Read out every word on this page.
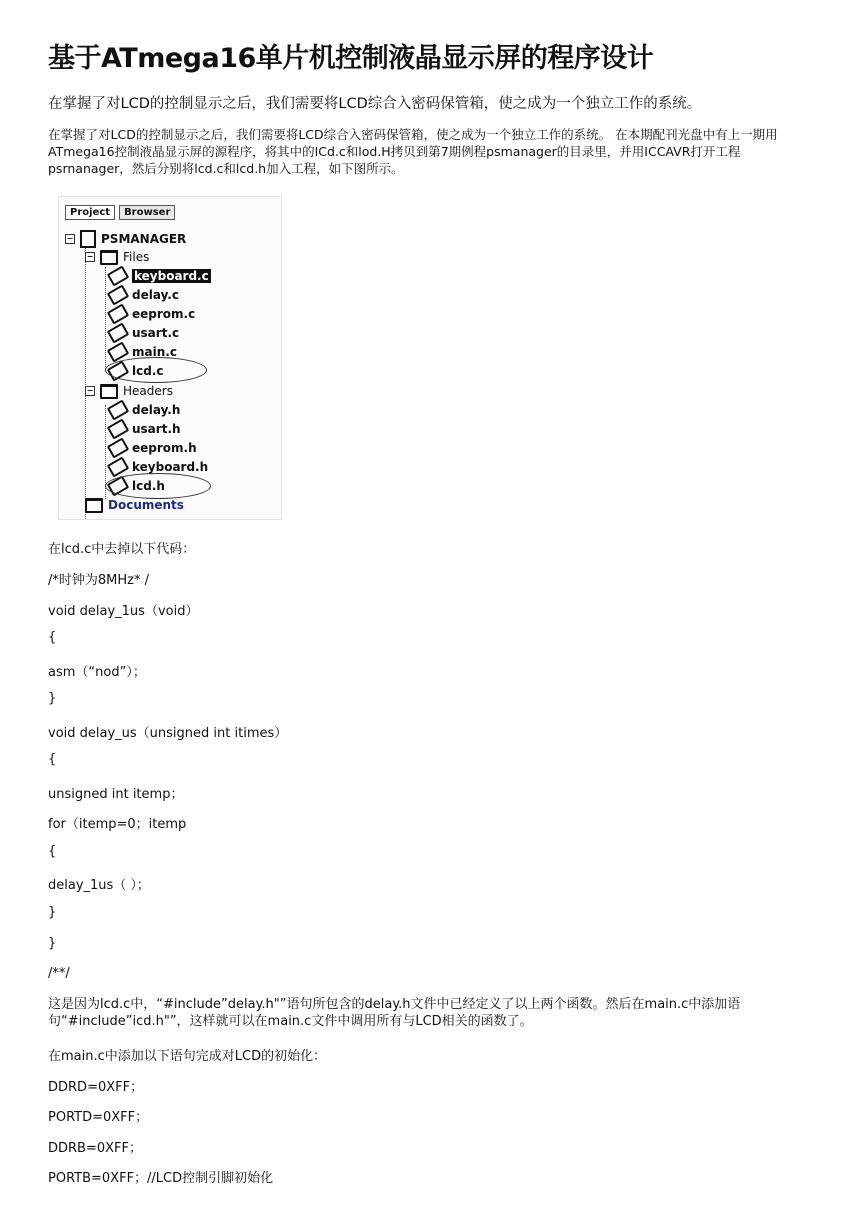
基于ATmega16单片机控制液晶显示屏的程序设计

在掌握了对LCD的控制显示之后，我们需要将LCD综合入密码保管箱，使之成为一个独立工作的系统。

在掌握了对LCD的控制显示之后，我们需要将LCD综合入密码保管箱，使之成为一个独立工作的系统。 在本期配刊光盘中有上一期用ATmega16控制液晶显示屏的源程序，将其中的ICd.c和lod.H拷贝到第7期例程psmanager的目录里，并用ICCAVR打开工程psrnanager，然后分别将lcd.c和lcd.h加入工程，如下图所示。

Project	Browser
− PSMANAGER
− Files
keyboard.c
delay.c
eeprom.c
usart.c
main.c
lcd.c
− Headers
delay.h
usart.h
eeprom.h
keyboard.h
lcd.h
Documents

在lcd.c中去掉以下代码：

/*时钟为8MHz* /

void delay_1us（void）

{

asm（“nod”）；

}

void delay_us（unsigned int itimes）

{

unsigned int itemp；

for（itemp=0；itemp

{

delay_1us（ ）；

}

}

/**/

这是因为lcd.c中，“#include”delay.h"”语句所包含的delay.h文件中已经定义了以上两个函数。然后在main.c中添加语句“#include”icd.h"”，这样就可以在main.c文件中调用所有与LCD相关的函数了。

在main.c中添加以下语句完成对LCD的初始化：

DDRD=0XFF；

PORTD=0XFF；

DDRB=0XFF；

PORTB=0XFF；//LCD控制引脚初始化
